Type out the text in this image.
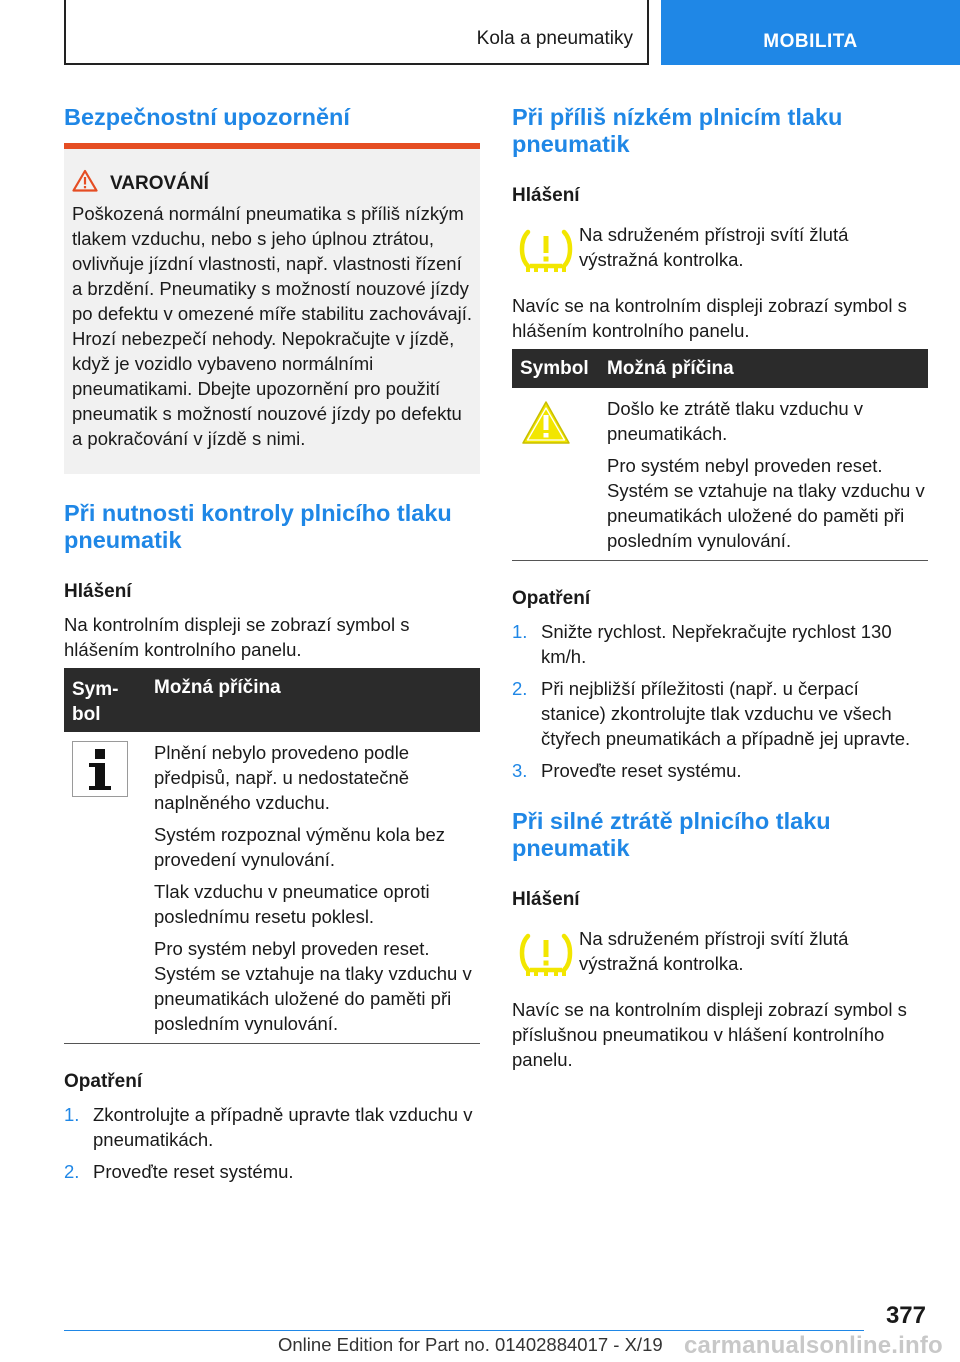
Kola a pneumatiky	MOBILITA
Bezpečnostní upozornění
VAROVÁNÍ
Poškozená normální pneumatika s příliš nízkým tlakem vzduchu, nebo s jeho úplnou ztrátou, ovlivňuje jízdní vlastnosti, např. vlastnosti řízení a brzdění. Pneumatiky s možností nouzové jízdy po defektu v omezené míře stabilitu zachovávají. Hrozí nebezpečí nehody. Nepokračujte v jízdě, když je vozidlo vybaveno normálními pneumatikami. Dbejte upozornění pro použití pneumatik s možností nouzové jízdy po defektu a pokračování v jízdě s nimi.
Při nutnosti kontroly plnicího tlaku pneumatik
Hlášení
Na kontrolním displeji se zobrazí symbol s hlášením kontrolního panelu.
Sym-bol
Možná příčina
Plnění nebylo provedeno podle předpisů, např. u nedostatečně naplněného vzduchu.
Systém rozpoznal výměnu kola bez provedení vynulování.
Tlak vzduchu v pneumatice oproti poslednímu resetu poklesl.
Pro systém nebyl proveden reset. Systém se vztahuje na tlaky vzduchu v pneumatikách uložené do paměti při posledním vynulování.
Opatření
1. Zkontrolujte a případně upravte tlak vzduchu v pneumatikách.
2. Proveďte reset systému.
Při příliš nízkém plnicím tlaku pneumatik
Hlášení
Na sdruženém přístroji svítí žlutá výstražná kontrolka.
Navíc se na kontrolním displeji zobrazí symbol s hlášením kontrolního panelu.
Symbol Možná příčina
Došlo ke ztrátě tlaku vzduchu v pneumatikách.
Pro systém nebyl proveden reset. Systém se vztahuje na tlaky vzduchu v pneumatikách uložené do paměti při posledním vynulování.
Opatření
1. Snižte rychlost. Nepřekračujte rychlost 130 km/h.
2. Při nejbližší příležitosti (např. u čerpací stanice) zkontrolujte tlak vzduchu ve všech čtyřech pneumatikách a případně jej upravte.
3. Proveďte reset systému.
Při silné ztrátě plnicího tlaku pneumatik
Hlášení
Na sdruženém přístroji svítí žlutá výstražná kontrolka.
Navíc se na kontrolním displeji zobrazí symbol s příslušnou pneumatikou v hlášení kontrolního panelu.
377
Online Edition for Part no. 01402884017 - X/19 carmanualsonline.info
